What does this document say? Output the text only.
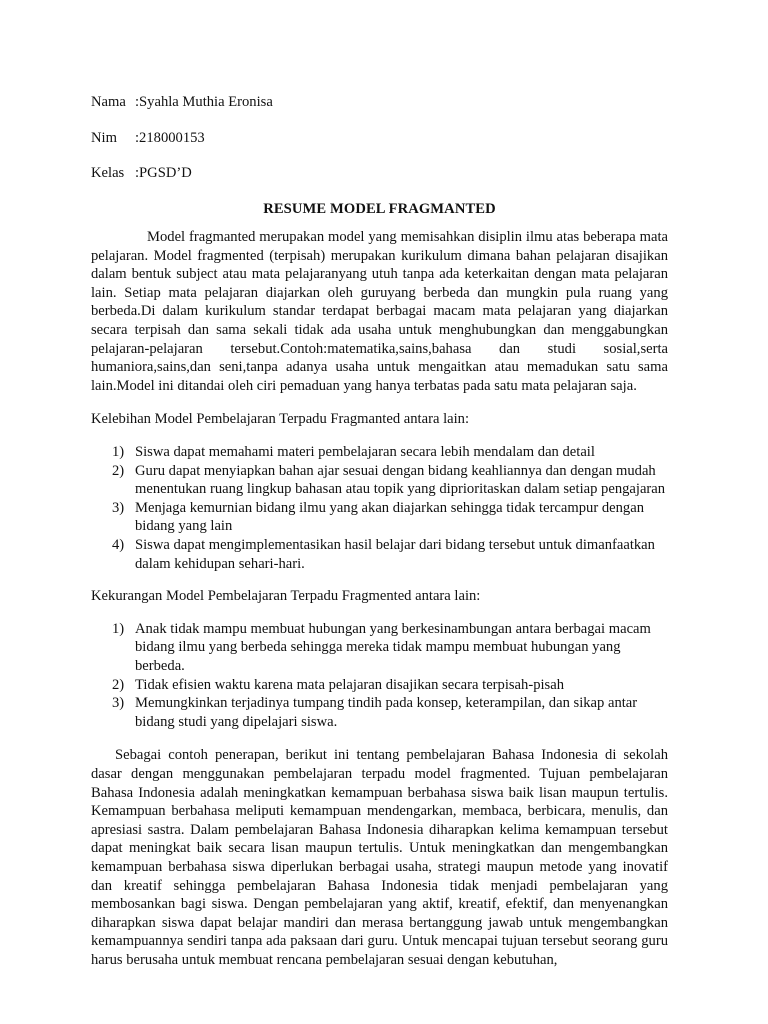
Nama :Syahla Muthia Eronisa
Nim	:218000153
Kelas :PGSD’D
RESUME MODEL FRAGMANTED

Model fragmanted merupakan model yang memisahkan disiplin ilmu atas beberapa mata pelajaran. Model fragmented (terpisah) merupakan kurikulum dimana bahan pelajaran disajikan dalam bentuk subject atau mata pelajaranyang utuh tanpa ada keterkaitan dengan mata pelajaran lain. Setiap mata pelajaran diajarkan oleh guruyang berbeda dan mungkin pula ruang yang berbeda.Di dalam kurikulum standar terdapat berbagai macam mata pelajaran yang diajarkan secara terpisah dan sama sekali tidak ada usaha untuk menghubungkan dan menggabungkan pelajaran-pelajaran tersebut.Contoh:matematika,sains,bahasa dan studi sosial,serta humaniora,sains,dan seni,tanpa adanya usaha untuk mengaitkan atau memadukan satu sama lain.Model ini ditandai oleh ciri pemaduan yang hanya terbatas pada satu mata pelajaran saja.

Kelebihan Model Pembelajaran Terpadu Fragmanted antara lain:
1) Siswa dapat memahami materi pembelajaran secara lebih mendalam dan detail
2) Guru dapat menyiapkan bahan ajar sesuai dengan bidang keahliannya dan dengan mudah menentukan ruang lingkup bahasan atau topik yang diprioritaskan dalam setiap pengajaran
3) Menjaga kemurnian bidang ilmu yang akan diajarkan sehingga tidak tercampur dengan bidang yang lain
4) Siswa dapat mengimplementasikan hasil belajar dari bidang tersebut untuk dimanfaatkan dalam kehidupan sehari-hari.
Kekurangan Model Pembelajaran Terpadu Fragmented antara lain:
1) Anak tidak mampu membuat hubungan yang berkesinambungan antara berbagai macam bidang ilmu yang berbeda sehingga mereka tidak mampu membuat hubungan yang berbeda.
2) Tidak efisien waktu karena mata pelajaran disajikan secara terpisah-pisah
3) Memungkinkan terjadinya tumpang tindih pada konsep, keterampilan, dan sikap antar bidang studi yang dipelajari siswa.

Sebagai contoh penerapan, berikut ini tentang pembelajaran Bahasa Indonesia di sekolah dasar dengan menggunakan pembelajaran terpadu model fragmented. Tujuan pembelajaran Bahasa Indonesia adalah meningkatkan kemampuan berbahasa siswa baik lisan maupun tertulis. Kemampuan berbahasa meliputi kemampuan mendengarkan, membaca, berbicara, menulis, dan apresiasi sastra. Dalam pembelajaran Bahasa Indonesia diharapkan kelima kemampuan tersebut dapat meningkat baik secara lisan maupun tertulis. Untuk meningkatkan dan mengembangkan kemampuan berbahasa siswa diperlukan berbagai usaha, strategi maupun metode yang inovatif dan kreatif sehingga pembelajaran Bahasa Indonesia tidak menjadi pembelajaran yang membosankan bagi siswa. Dengan pembelajaran yang aktif, kreatif, efektif, dan menyenangkan diharapkan siswa dapat belajar mandiri dan merasa bertanggung jawab untuk mengembangkan kemampuannya sendiri tanpa ada paksaan dari guru. Untuk mencapai tujuan tersebut seorang guru harus berusaha untuk membuat rencana pembelajaran sesuai dengan kebutuhan,
